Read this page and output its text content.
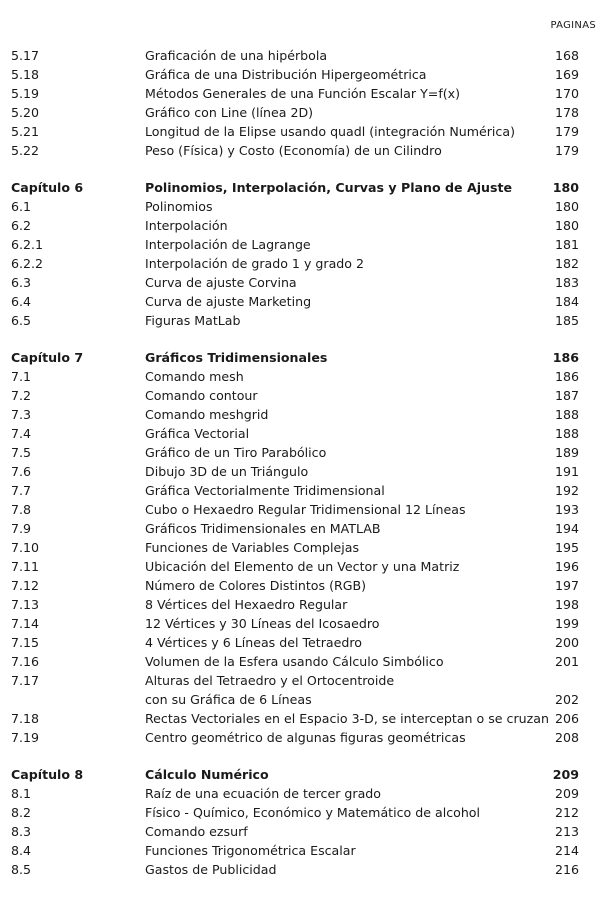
PAGINAS
5.17	Graficación de una hipérbola	168
5.18	Gráfica de una Distribución Hipergeométrica	169
5.19	Métodos Generales de una Función Escalar Y=f(x)	170
5.20	Gráfico con Line (línea 2D)	178
5.21	Longitud de la Elipse usando quadl (integración Numérica)	179
5.22	Peso (Física) y Costo (Economía) de un Cilindro	179
Capítulo 6	Polinomios, Interpolación, Curvas y Plano de Ajuste	180
6.1	Polinomios	180
6.2	Interpolación	180
6.2.1	Interpolación de Lagrange	181
6.2.2	Interpolación de grado 1 y grado 2	182
6.3	Curva de ajuste Corvina	183
6.4	Curva de ajuste Marketing	184
6.5	Figuras MatLab	185
Capítulo 7	Gráficos Tridimensionales	186
7.1	Comando mesh	186
7.2	Comando contour	187
7.3	Comando meshgrid	188
7.4	Gráfica Vectorial	188
7.5	Gráfico de un Tiro Parabólico	189
7.6	Dibujo 3D de un Triángulo	191
7.7	Gráfica Vectorialmente Tridimensional	192
7.8	Cubo o Hexaedro Regular Tridimensional 12 Líneas	193
7.9	Gráficos Tridimensionales en MATLAB	194
7.10	Funciones de Variables Complejas	195
7.11	Ubicación del Elemento de un Vector y una Matriz	196
7.12	Número de Colores Distintos (RGB)	197
7.13	8 Vértices del Hexaedro Regular	198
7.14	12 Vértices y 30 Líneas del Icosaedro	199
7.15	4 Vértices y 6 Líneas del Tetraedro	200
7.16	Volumen de la Esfera usando Cálculo Simbólico	201
7.17	Alturas del Tetraedro y el Ortocentroide
con su Gráfica de 6 Líneas	202
7.18	Rectas Vectoriales en el Espacio 3-D, se interceptan o se cruzan 206
7.19	Centro geométrico de algunas figuras geométricas	208
Capítulo 8	Cálculo Numérico	209
8.1	Raíz de una ecuación de tercer grado	209
8.2	Físico - Químico, Económico y Matemático de alcohol	212
8.3	Comando ezsurf	213
8.4	Funciones Trigonométrica Escalar	214
8.5	Gastos de Publicidad	216
